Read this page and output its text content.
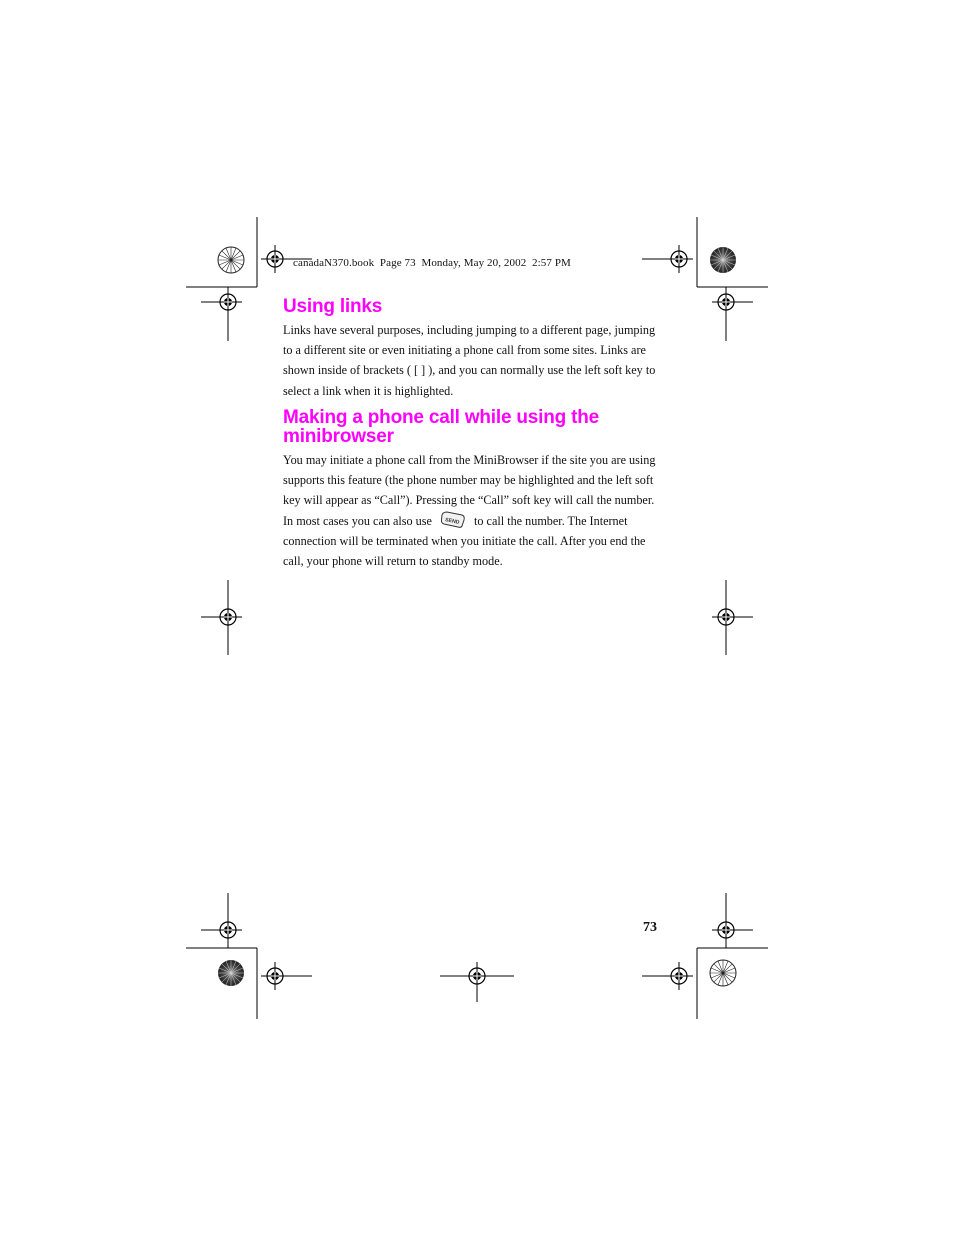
canadaN370.book  Page 73  Monday, May 20, 2002  2:57 PM
Using links

Links have several purposes, including jumping to a different page, jumping to a different site or even initiating a phone call from some sites. Links are shown inside of brackets ( [ ] ), and you can normally use the left soft key to select a link when it is highlighted.

Making a phone call while using the minibrowser

You may initiate a phone call from the MiniBrowser if the site you are using supports this feature (the phone number may be highlighted and the left soft key will appear as “Call”). Pressing the “Call” soft key will call the number. In most cases you can also use SEND to call the number. The Internet connection will be terminated when you initiate the call. After you end the call, your phone will return to standby mode.

73
